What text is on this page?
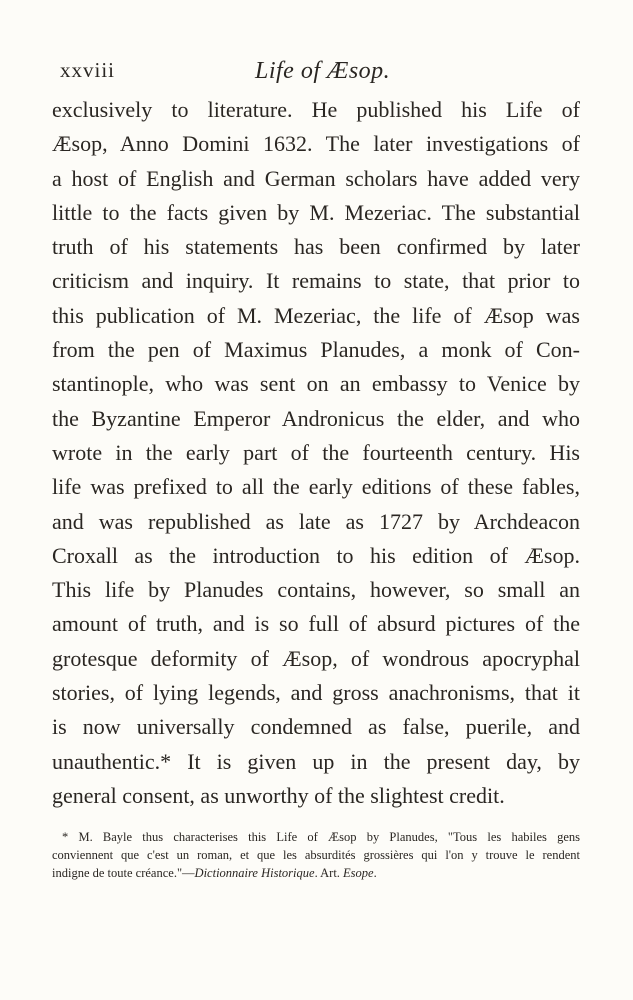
xxviii	Life of Æsop.
exclusively to literature. He published his Life of
Æsop, Anno Domini 1632. The later investigations of
a host of English and German scholars have added very
little to the facts given by M. Mezeriac. The substantial
truth of his statements has been confirmed by later
criticism and inquiry. It remains to state, that prior to
this publication of M. Mezeriac, the life of Æsop was
from the pen of Maximus Planudes, a monk of Con-
stantinople, who was sent on an embassy to Venice by
the Byzantine Emperor Andronicus the elder, and who
wrote in the early part of the fourteenth century. His
life was prefixed to all the early editions of these fables,
and was republished as late as 1727 by Archdeacon
Croxall as the introduction to his edition of Æsop.
This life by Planudes contains, however, so small an
amount of truth, and is so full of absurd pictures of the
grotesque deformity of Æsop, of wondrous apocryphal
stories, of lying legends, and gross anachronisms, that it
is now universally condemned as false, puerile, and
unauthentic.* It is given up in the present day, by
general consent, as unworthy of the slightest credit.
* M. Bayle thus characterises this Life of Æsop by Planudes, "Tous les habiles gens
conviennent que c'est un roman, et que les absurdités grossières qui l'on y trouve le rendent
indigne de toute créance."—Dictionnaire Historique. Art. Esope.
